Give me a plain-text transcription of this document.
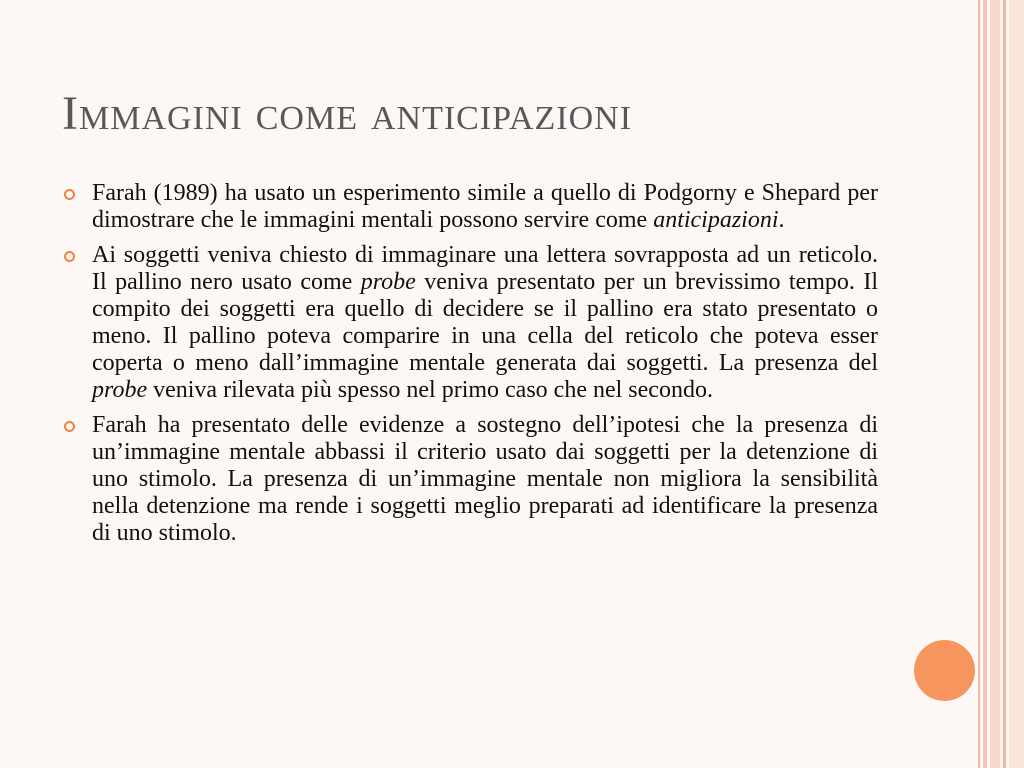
Immagini come anticipazioni
Farah (1989) ha usato un esperimento simile a quello di Podgorny e Shepard per dimostrare che le immagini mentali possono servire come anticipazioni.
Ai soggetti veniva chiesto di immaginare una lettera sovrapposta ad un reticolo. Il pallino nero usato come probe veniva presentato per un brevissimo tempo. Il compito dei soggetti era quello di decidere se il pallino era stato presentato o meno. Il pallino poteva comparire in una cella del reticolo che poteva esser coperta o meno dall’immagine mentale generata dai soggetti. La presenza del probe veniva rilevata più spesso nel primo caso che nel secondo.
Farah ha presentato delle evidenze a sostegno dell’ipotesi che la presenza di un’immagine mentale abbassi il criterio usato dai soggetti per la detenzione di uno stimolo. La presenza di un’immagine mentale non migliora la sensibilità nella detenzione ma rende i soggetti meglio preparati ad identificare la presenza di uno stimolo.
